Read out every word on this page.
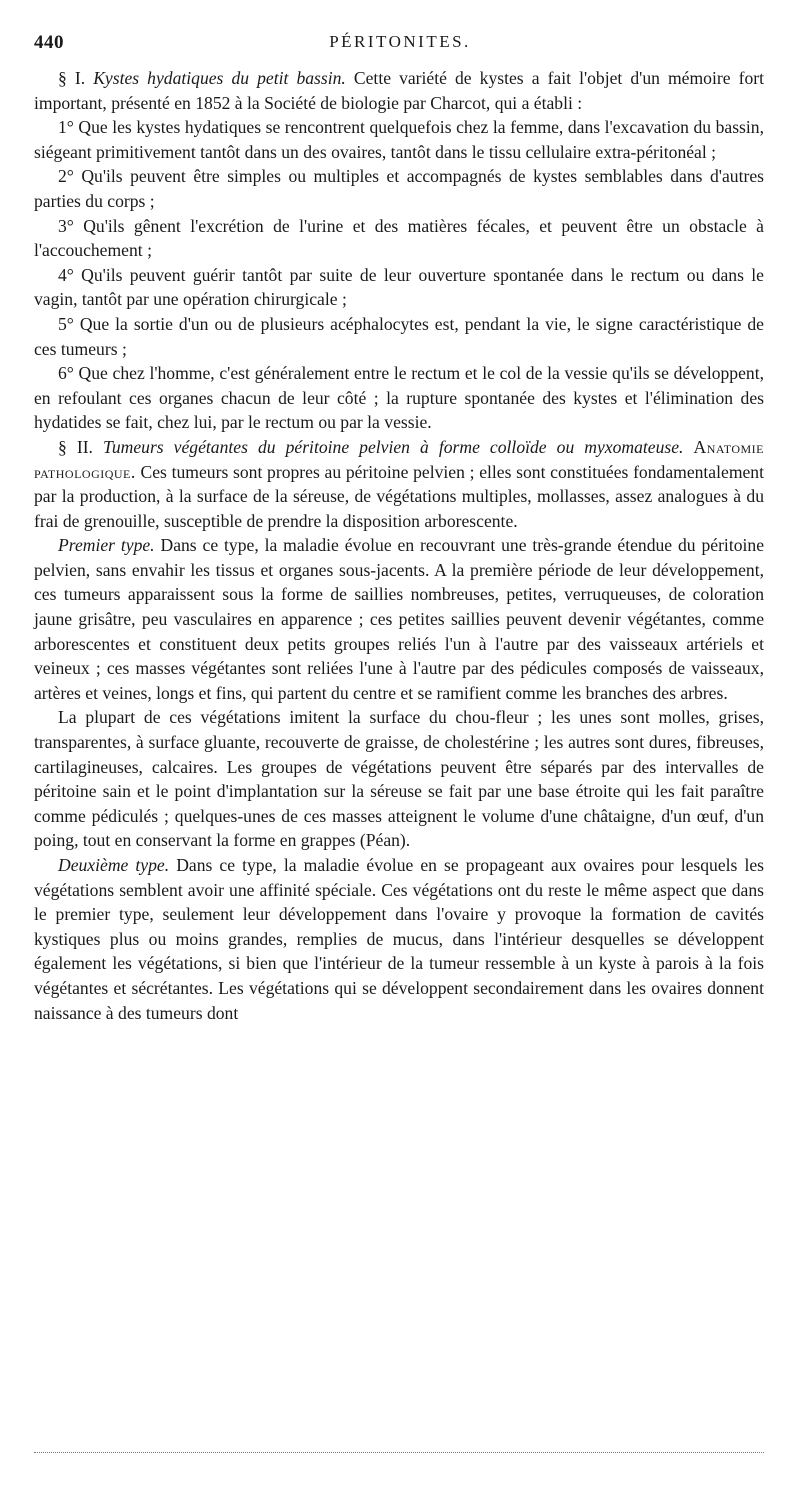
440	PÉRITONITES.

§ I. Kystes hydatiques du petit bassin. Cette variété de kystes a fait l'objet d'un mémoire fort important, présenté en 1852 à la Société de biologie par Charcot, qui a établi :

1° Que les kystes hydatiques se rencontrent quelquefois chez la femme, dans l'excavation du bassin, siégeant primitivement tantôt dans un des ovaires, tantôt dans le tissu cellulaire extra-péritonéal ;

2° Qu'ils peuvent être simples ou multiples et accompagnés de kystes semblables dans d'autres parties du corps ;

3° Qu'ils gênent l'excrétion de l'urine et des matières fécales, et peuvent être un obstacle à l'accouchement ;

4° Qu'ils peuvent guérir tantôt par suite de leur ouverture spontanée dans le rectum ou dans le vagin, tantôt par une opération chirurgicale ;

5° Que la sortie d'un ou de plusieurs acéphalocytes est, pendant la vie, le signe caractéristique de ces tumeurs ;

6° Que chez l'homme, c'est généralement entre le rectum et le col de la vessie qu'ils se développent, en refoulant ces organes chacun de leur côté ; la rupture spontanée des kystes et l'élimination des hydatides se fait, chez lui, par le rectum ou par la vessie.

§ II. Tumeurs végétantes du péritoine pelvien à forme colloïde ou myxomateuse. Anatomie pathologique. Ces tumeurs sont propres au péritoine pelvien ; elles sont constituées fondamentalement par la production, à la surface de la séreuse, de végétations multiples, mollasses, assez analogues à du frai de grenouille, susceptible de prendre la disposition arborescente.

Premier type. Dans ce type, la maladie évolue en recouvrant une très-grande étendue du péritoine pelvien, sans envahir les tissus et organes sous-jacents. A la première période de leur développement, ces tumeurs apparaissent sous la forme de saillies nombreuses, petites, verruqueuses, de coloration jaune grisâtre, peu vasculaires en apparence ; ces petites saillies peuvent devenir végétantes, comme arborescentes et constituent deux petits groupes reliés l'un à l'autre par des vaisseaux artériels et veineux ; ces masses végétantes sont reliées l'une à l'autre par des pédicules composés de vaisseaux, artères et veines, longs et fins, qui partent du centre et se ramifient comme les branches des arbres.

La plupart de ces végétations imitent la surface du chou-fleur ; les unes sont molles, grises, transparentes, à surface gluante, recouverte de graisse, de cholestérine ; les autres sont dures, fibreuses, cartilagineuses, calcaires. Les groupes de végétations peuvent être séparés par des intervalles de péritoine sain et le point d'implantation sur la séreuse se fait par une base étroite qui les fait paraître comme pédiculés ; quelques-unes de ces masses atteignent le volume d'une châtaigne, d'un œuf, d'un poing, tout en conservant la forme en grappes (Péan).

Deuxième type. Dans ce type, la maladie évolue en se propageant aux ovaires pour lesquels les végétations semblent avoir une affinité spéciale. Ces végétations ont du reste le même aspect que dans le premier type, seulement leur développement dans l'ovaire y provoque la formation de cavités kystiques plus ou moins grandes, remplies de mucus, dans l'intérieur desquelles se développent également les végétations, si bien que l'intérieur de la tumeur ressemble à un kyste à parois à la fois végétantes et sécrétantes. Les végétations qui se développent secondairement dans les ovaires donnent naissance à des tumeurs dont
